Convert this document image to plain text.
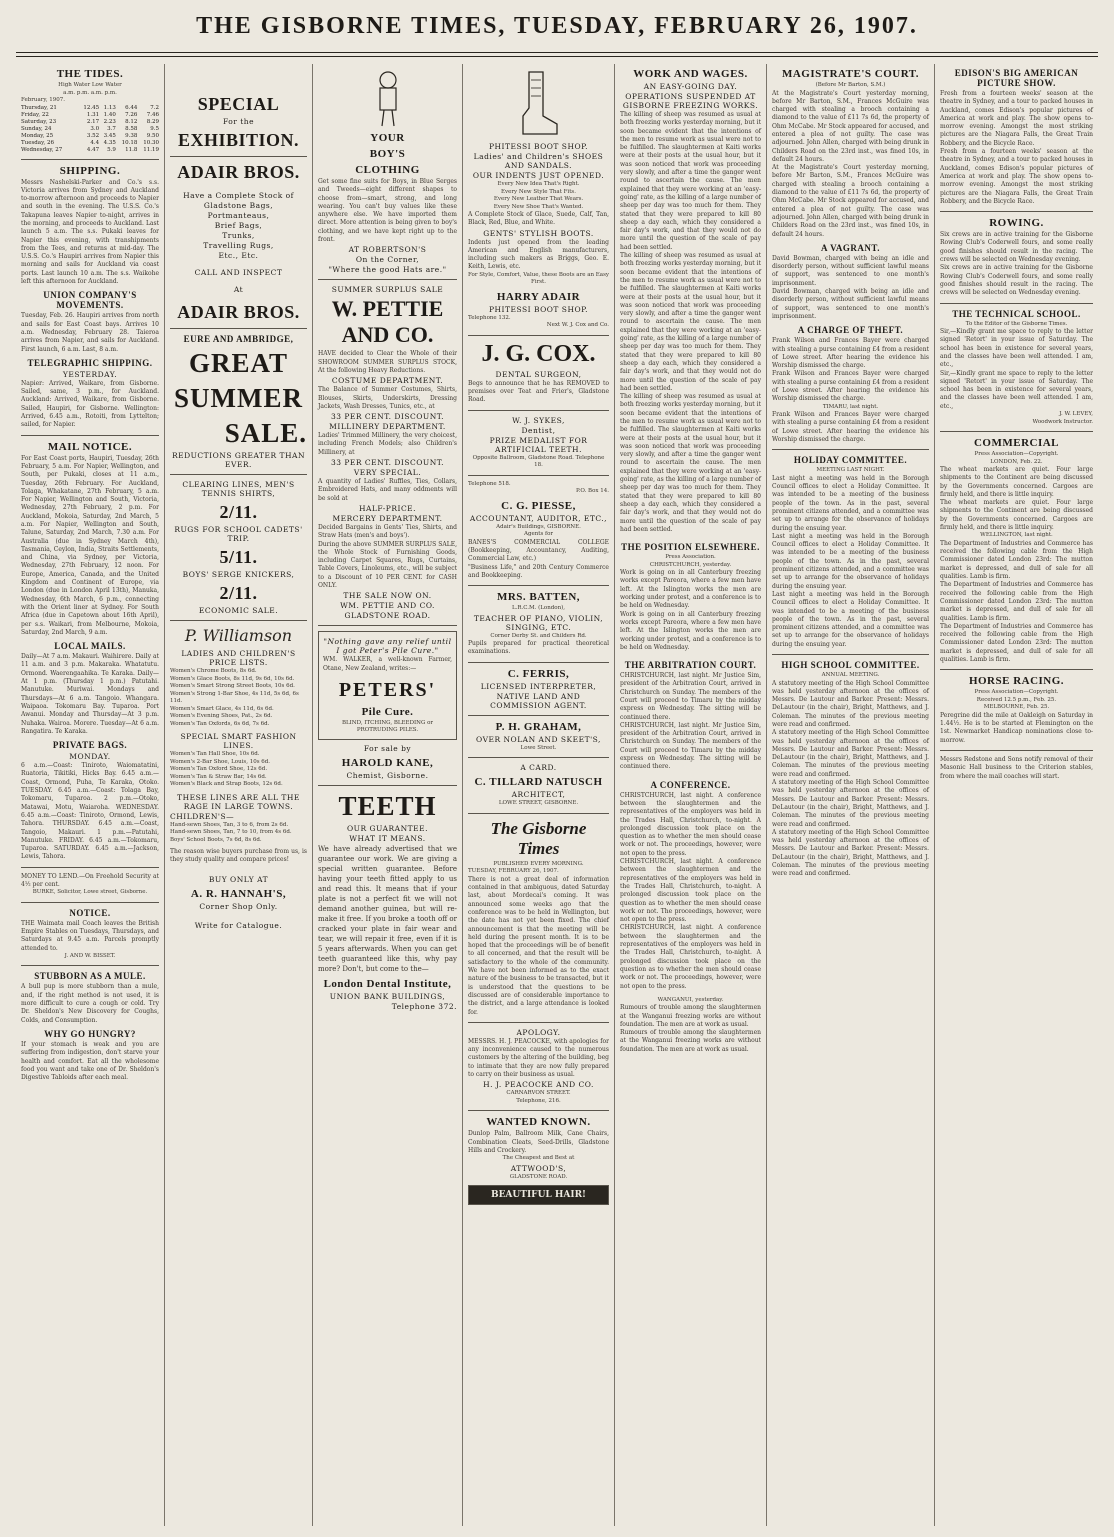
THE GISBORNE TIMES, TUESDAY, FEBRUARY 26, 1907.
THE TIDES.
High Water Low Water
a.m. p.m. a.m. p.m.
February, 1907.
Thursday, 21	12.45	1.13	6.44	7.2
Friday, 22	1.31	1.40	7.26	7.46
Saturday, 23	2.17	2.23	8.12	8.29
Sunday, 24	3.0	3.7	8.58	9.5
Monday, 25	3.52	3.45	9.38	9.50
Tuesday, 26	4.4	4.35	10.18	10.30
Wednesday, 27	4.47	5.9	11.8	11.19
SHIPPING.
Messrs Nashelski-Parker and Co.'s s.s. Victoria arrives from Sydney and Auckland to-morrow afternoon and proceeds to Napier and south in the evening. The U.S.S. Co.'s Takapuna leaves Napier to-night, arrives in the morning, and proceeds to Auckland. Last launch 5 a.m. The s.s. Pukaki leaves for Napier this evening, with transhipments from the Tees, and returns at mid-day. The U.S.S. Co.'s Haupiri arrives from Napier this morning and sails for Auckland via coast ports. Last launch 10 a.m. The s.s. Waikohe left this afternoon for Auckland.
UNION COMPANY'S MOVEMENTS.
Tuesday, Feb. 26. Haupiri arrives from north and sails for East Coast bays. Arrives 10 a.m. Wednesday, February 28. Taieroa arrives from Napier, and sails for Auckland. First launch, 6 a.m. Last, 8 a.m.
TELEGRAPHIC SHIPPING.
YESTERDAY.
Napier: Arrived, Waikare, from Gisborne. Sailed, same, 3 p.m., for Auckland. Auckland: Arrived, Waikare, from Gisborne. Sailed, Haupiri, for Gisborne. Wellington: Arrived, 6.45 a.m., Rotoiti, from Lyttelton; sailed, for Napier.
MAIL NOTICE.
For East Coast ports, Haupiri, Tuesday, 26th February, 5 a.m. For Napier, Wellington, and South, per Pukaki, closes at 11 a.m., Tuesday, 26th February. For Auckland, Tolaga, Whakatane, 27th February, 5 a.m. For Napier, Wellington and South, Victoria, Wednesday, 27th February, 2 p.m. For Auckland, Mokoia, Saturday, 2nd March, 5 a.m. For Napier, Wellington and South, Talune, Saturday, 2nd March, 7.30 a.m. For Australia (due in Sydney March 4th), Tasmania, Ceylon, India, Straits Settlements, and China, via Sydney, per Victoria, Wednesday, 27th February, 12 noon. For Europe, America, Canada, and the United Kingdom and Continent of Europe, via London (due in London April 13th), Manuka, Wednesday, 6th March, 6 p.m., connecting with the Orient liner at Sydney. For South Africa (due in Capetown about 16th April), per s.s. Waikari, from Melbourne, Mokoia, Saturday, 2nd March, 9 a.m.
LOCAL MAILS.
Daily—At 7 a.m. Makauri. Waihirere. Daily at 11 a.m. and 3 p.m. Makaraka. Whatatutu. Ormond. Waerengaahika. Te Karaka. Daily—At 1 p.m. (Thursday 1 p.m.) Patutahi. Manutuke. Muriwai. Mondays and Thursdays—At 6 a.m. Tangoio. Whangara. Waipaoa. Tokomaru Bay. Tuparoa. Port Awanui. Monday and Thursday—At 3 p.m. Nuhaka. Wairoa. Morere. Tuesday—At 6 a.m. Rangatira. Te Karaka.
PRIVATE BAGS.
MONDAY.
6 a.m.—Coast: Tiniroto, Waiomatatini, Ruatoria, Tikitiki, Hicks Bay. 6.45 a.m.—Coast, Ormond, Puha, Te Karaka, Otoko. TUESDAY. 6.45 a.m.—Coast: Tolaga Bay, Tokomaru, Tuparoa. 2 p.m.—Otoko, Matawai, Motu, Waiaroha. WEDNESDAY. 6.45 a.m.—Coast: Tiniroto, Ormond, Lewis, Tahora. THURSDAY. 6.45 a.m.—Coast, Tangoio, Makauri. 1 p.m.—Patutahi, Manutuke. FRIDAY. 6.45 a.m.—Tokomaru, Tuparoa. SATURDAY. 6.45 a.m.—Jackson, Lewis, Tahora.
MONEY TO LEND.—On Freehold Security at 4½ per cent.
BURKE, Solicitor, Lowe street, Gisborne.
NOTICE.
THE Waimata mail Coach leaves the British Empire Stables on Tuesdays, Thursdays, and Saturdays at 9.45 a.m. Parcels promptly attended to.
J. AND W. BISSET.
STUBBORN AS A MULE.
A bull pup is more stubborn than a mule, and, if the right method is not used, it is more difficult to cure a cough or cold. Try Dr. Sheldon's New Discovery for Coughs, Colds, and Consumption.
WHY GO HUNGRY?
If your stomach is weak and you are suffering from indigestion, don't starve your health and comfort. Eat all the wholesome food you want and take one of Dr. Sheldon's Digestive Tabloids after each meal.
SPECIAL
For the
EXHIBITION.
ADAIR BROS.
Have a Complete Stock of
Gladstone Bags,
Portmanteaus,
Brief Bags,
Trunks,
Travelling Rugs,
Etc., Etc.
CALL AND INSPECT
At
ADAIR BROS.
EURE AND AMBRIDGE,
GREAT
SUMMER
SALE.
REDUCTIONS GREATER THAN EVER.
CLEARING LINES, MEN'S TENNIS SHIRTS,
2/11.
RUGS FOR SCHOOL CADETS' TRIP.
5/11.
BOYS' SERGE KNICKERS,
2/11.
ECONOMIC SALE.
P. Williamson
LADIES AND CHILDREN'S PRICE LISTS.
Women's Chrome Boots, 8s 6d.
Women's Glace Boots, 8s 11d, 9s 6d, 10s 6d.
Women's Smart Strong Street Boots, 10s 6d.
Women's Strong 1-Bar Shoe, 4s 11d, 5s 6d, 6s 11d.
Women's Smart Glace, 4s 11d, 6s 6d.
Women's Evening Shoes, Pat., 2s 6d.
Women's Tan Oxfords, 6s 6d, 7s 6d.
SPECIAL SMART FASHION LINES.
Women's Tan Hall Shoe, 10s 6d.
Women's 2-Bar Shoe, Louis, 10s 6d.
Women's Tan Oxford Shoe, 12s 6d.
Women's Tan & Straw Bar, 14s 6d.
Women's Black and Strap Boots, 12s 6d.
THESE LINES ARE ALL THE RAGE IN LARGE TOWNS.
CHILDREN'S—
Hand-sewn Shoes, Tan, 3 to 6, from 2s 6d.
Hand-sewn Shoes, Tan, 7 to 10, from 4s 6d.
Boys' School Boots, 7s 6d, 8s 6d.
The reason wise buyers purchase from us, is they study quality and compare prices!
BUY ONLY AT
A. R. HANNAH'S,
Corner Shop Only.
Write for Catalogue.
YOUR
BOY'S
CLOTHING
Get some fine suits for Boys, in Blue Serges and Tweeds—eight different shapes to choose from—smart, strong, and long wearing. You can't buy values like these anywhere else. We have imported them direct. More attention is being given to boy's clothing, and we have kept right up to the front.
AT ROBERTSON'S
On the Corner,
"Where the good Hats are."
SUMMER SURPLUS SALE
W. PETTIE AND CO.
HAVE decided to Clear the Whole of their SHOWROOM SUMMER SURPLUS STOCK, At the following Heavy Reductions.
COSTUME DEPARTMENT.
The Balance of Summer Costumes, Shirts, Blouses, Skirts, Underskirts, Dressing Jackets, Wash Dresses, Tunics, etc., at
33 PER CENT. DISCOUNT.
MILLINERY DEPARTMENT.
Ladies' Trimmed Millinery, the very choicest, including French Models; also Children's Millinery, at
33 PER CENT. DISCOUNT.
VERY SPECIAL.
A quantity of Ladies' Ruffles, Ties, Collars, Embroidered Hats, and many oddments will be sold at
HALF-PRICE.
MERCERY DEPARTMENT.
Decided Bargains in Gents' Ties, Shirts, and Straw Hats (men's and boys').
During the above SUMMER SURPLUS SALE, the Whole Stock of Furnishing Goods, including Carpet Squares, Rugs, Curtains, Table Covers, Linoleums, etc., will be subject to a Discount of 10 PER CENT. for CASH ONLY.
THE SALE NOW ON.
WM. PETTIE AND CO.
GLADSTONE ROAD.
"Nothing gave any relief until I got Peter's Pile Cure."
WM. WALKER, a well-known Farmer, Otane, New Zealand, writes:—
PETERS'
Pile Cure.
BLIND, ITCHING, BLEEDING or PROTRUDING PILES.
For sale by
HAROLD KANE,
Chemist, Gisborne.
TEETH
OUR GUARANTEE.
WHAT IT MEANS.
We have already advertised that we guarantee our work. We are giving a special written guarantee. Before having your teeth fitted apply to us and read this. It means that if your plate is not a perfect fit we will not demand another guinea, but will re-make it free. If you broke a tooth off or cracked your plate in fair wear and tear, we will repair it free, even if it is 5 years afterwards. When you can get teeth guaranteed like this, why pay more? Don't, but come to the—
London Dental Institute,
UNION BANK BUILDINGS,
Telephone 372.
PHITESSI BOOT SHOP.
Ladies' and Children's SHOES AND SANDALS.
OUR INDENTS JUST OPENED.
Every New Idea That's Right.
Every New Style That Fits.
Every New Leather That Wears.
Every New Shoe That's Wanted.
A Complete Stock of Glace, Suede, Calf, Tan, Black, Red, Blue, and White.
GENTS' STYLISH BOOTS.
Indents just opened from the leading American and English manufacturers, including such makers as Briggs, Geo. E. Keith, Lewis, etc.
For Style, Comfort, Value, these Boots are an Easy First.
HARRY ADAIR
PHITESSI BOOT SHOP.
Telephone 132.
Next W. J. Cox and Co.
J. G. COX.
DENTAL SURGEON,
Begs to announce that he has REMOVED to premises over Teat and Frier's, Gladstone Road.
W. J. SYKES,
Dentist,
PRIZE MEDALIST FOR ARTIFICIAL TEETH.
Opposite Ballroom, Gladstone Road. Telephone 18.
Telephone 518.
P.O. Box 14.
C. G. PIESSE,
ACCOUNTANT, AUDITOR, ETC.,
Adair's Buildings, GISBORNE.
Agents for
BANES'S COMMERCIAL COLLEGE (Bookkeeping, Accountancy, Auditing, Commercial Law, etc.)
"Business Life," and 20th Century Commerce and Bookkeeping.
MRS. BATTEN,
L.R.C.M. (London),
TEACHER OF PIANO, VIOLIN, SINGING, ETC.
Corner Derby St. and Childers Rd.
Pupils prepared for practical theoretical examinations.
C. FERRIS,
LICENSED INTERPRETER,
NATIVE LAND AND COMMISSION AGENT.
P. H. GRAHAM,
OVER NOLAN AND SKEET'S,
Lowe Street.
A CARD.
C. TILLARD NATUSCH
ARCHITECT,
LOWE STREET, GISBORNE.
The Gisborne Times
PUBLISHED EVERY MORNING.
TUESDAY, FEBRUARY 26, 1907.
There is not a great deal of information contained in that ambiguous, dated Saturday last, about Mordecai's coming. It was announced some weeks ago that the conference was to be held in Wellington, but the date has not yet been fixed. The chief announcement is that the meeting will be held during the present month. It is to be hoped that the proceedings will be of benefit to all concerned, and that the result will be satisfactory to the whole of the community. We have not been informed as to the exact nature of the business to be transacted, but it is understood that the questions to be discussed are of considerable importance to the district, and a large attendance is looked for.
APOLOGY.
MESSRS. H. J. PEACOCKE, with apologies for any inconvenience caused to the numerous customers by the altering of the building, beg to intimate that they are now fully prepared to carry on their business as usual.
H. J. PEACOCKE AND CO.
CARNARVON STREET.
Telephone, 216.
WANTED KNOWN.
Dunlop Palm, Ballroom Milk, Cane Chairs, Combination Cleats, Seed-Drills, Gladstone Hills and Crockery.
The Cheapest and Best at
ATTWOOD'S,
GLADSTONE ROAD.
BEAUTIFUL HAIR!
WORK AND WAGES.
AN EASY-GOING DAY.
OPERATIONS SUSPENDED AT GISBORNE FREEZING WORKS.
The killing of sheep was resumed as usual at both freezing works yesterday morning, but it soon became evident that the intentions of the men to resume work as usual were not to be fulfilled. The slaughtermen at Kaiti works were at their posts at the usual hour, but it was soon noticed that work was proceeding very slowly, and after a time the ganger went round to ascertain the cause. The men explained that they were working at an 'easy-going' rate, as the killing of a large number of sheep per day was too much for them. They stated that they were prepared to kill 80 sheep a day each, which they considered a fair day's work, and that they would not do more until the question of the scale of pay had been settled.
The killing of sheep was resumed as usual at both freezing works yesterday morning, but it soon became evident that the intentions of the men to resume work as usual were not to be fulfilled. The slaughtermen at Kaiti works were at their posts at the usual hour, but it was soon noticed that work was proceeding very slowly, and after a time the ganger went round to ascertain the cause. The men explained that they were working at an 'easy-going' rate, as the killing of a large number of sheep per day was too much for them. They stated that they were prepared to kill 80 sheep a day each, which they considered a fair day's work, and that they would not do more until the question of the scale of pay had been settled.
The killing of sheep was resumed as usual at both freezing works yesterday morning, but it soon became evident that the intentions of the men to resume work as usual were not to be fulfilled. The slaughtermen at Kaiti works were at their posts at the usual hour, but it was soon noticed that work was proceeding very slowly, and after a time the ganger went round to ascertain the cause. The men explained that they were working at an 'easy-going' rate, as the killing of a large number of sheep per day was too much for them. They stated that they were prepared to kill 80 sheep a day each, which they considered a fair day's work, and that they would not do more until the question of the scale of pay had been settled.
THE POSITION ELSEWHERE.
Press Association.
CHRISTCHURCH, yesterday.
Work is going on in all Canterbury freezing works except Pareora, where a few men have left. At the Islington works the men are working under protest, and a conference is to be held on Wednesday.
Work is going on in all Canterbury freezing works except Pareora, where a few men have left. At the Islington works the men are working under protest, and a conference is to be held on Wednesday.
THE ARBITRATION COURT.
CHRISTCHURCH, last night. Mr Justice Sim, president of the Arbitration Court, arrived in Christchurch on Sunday. The members of the Court will proceed to Timaru by the midday express on Wednesday. The sitting will be continued there.
CHRISTCHURCH, last night. Mr Justice Sim, president of the Arbitration Court, arrived in Christchurch on Sunday. The members of the Court will proceed to Timaru by the midday express on Wednesday. The sitting will be continued there.
A CONFERENCE.
CHRISTCHURCH, last night. A conference between the slaughtermen and the representatives of the employers was held in the Trades Hall, Christchurch, to-night. A prolonged discussion took place on the question as to whether the men should cease work or not. The proceedings, however, were not open to the press.
CHRISTCHURCH, last night. A conference between the slaughtermen and the representatives of the employers was held in the Trades Hall, Christchurch, to-night. A prolonged discussion took place on the question as to whether the men should cease work or not. The proceedings, however, were not open to the press.
CHRISTCHURCH, last night. A conference between the slaughtermen and the representatives of the employers was held in the Trades Hall, Christchurch, to-night. A prolonged discussion took place on the question as to whether the men should cease work or not. The proceedings, however, were not open to the press.
WANGANUI, yesterday.
Rumours of trouble among the slaughtermen at the Wanganui freezing works are without foundation. The men are at work as usual.
Rumours of trouble among the slaughtermen at the Wanganui freezing works are without foundation. The men are at work as usual.
MAGISTRATE'S COURT.
(Before Mr Barton, S.M.)
At the Magistrate's Court yesterday morning, before Mr Barton, S.M., Frances McGuire was charged with stealing a brooch containing a diamond to the value of £11 7s 6d, the property of Ohm McCabe. Mr Stock appeared for accused, and entered a plea of not guilty. The case was adjourned. John Allen, charged with being drunk in Childers Road on the 23rd inst., was fined 10s, in default 24 hours.
At the Magistrate's Court yesterday morning, before Mr Barton, S.M., Frances McGuire was charged with stealing a brooch containing a diamond to the value of £11 7s 6d, the property of Ohm McCabe. Mr Stock appeared for accused, and entered a plea of not guilty. The case was adjourned. John Allen, charged with being drunk in Childers Road on the 23rd inst., was fined 10s, in default 24 hours.
A VAGRANT.
David Bowman, charged with being an idle and disorderly person, without sufficient lawful means of support, was sentenced to one month's imprisonment.
David Bowman, charged with being an idle and disorderly person, without sufficient lawful means of support, was sentenced to one month's imprisonment.
A CHARGE OF THEFT.
Frank Wilson and Frances Bayer were charged with stealing a purse containing £4 from a resident of Lowe street. After hearing the evidence his Worship dismissed the charge.
Frank Wilson and Frances Bayer were charged with stealing a purse containing £4 from a resident of Lowe street. After hearing the evidence his Worship dismissed the charge.
TIMARU, last night.
Frank Wilson and Frances Bayer were charged with stealing a purse containing £4 from a resident of Lowe street. After hearing the evidence his Worship dismissed the charge.
HOLIDAY COMMITTEE.
MEETING LAST NIGHT.
Last night a meeting was held in the Borough Council offices to elect a Holiday Committee. It was intended to be a meeting of the business people of the town. As in the past, several prominent citizens attended, and a committee was set up to arrange for the observance of holidays during the ensuing year.
Last night a meeting was held in the Borough Council offices to elect a Holiday Committee. It was intended to be a meeting of the business people of the town. As in the past, several prominent citizens attended, and a committee was set up to arrange for the observance of holidays during the ensuing year.
Last night a meeting was held in the Borough Council offices to elect a Holiday Committee. It was intended to be a meeting of the business people of the town. As in the past, several prominent citizens attended, and a committee was set up to arrange for the observance of holidays during the ensuing year.
HIGH SCHOOL COMMITTEE.
ANNUAL MEETING.
A statutory meeting of the High School Committee was held yesterday afternoon at the offices of Messrs. De Lautour and Barker. Present: Messrs. DeLautour (in the chair), Bright, Matthews, and J. Coleman. The minutes of the previous meeting were read and confirmed.
A statutory meeting of the High School Committee was held yesterday afternoon at the offices of Messrs. De Lautour and Barker. Present: Messrs. DeLautour (in the chair), Bright, Matthews, and J. Coleman. The minutes of the previous meeting were read and confirmed.
A statutory meeting of the High School Committee was held yesterday afternoon at the offices of Messrs. De Lautour and Barker. Present: Messrs. DeLautour (in the chair), Bright, Matthews, and J. Coleman. The minutes of the previous meeting were read and confirmed.
A statutory meeting of the High School Committee was held yesterday afternoon at the offices of Messrs. De Lautour and Barker. Present: Messrs. DeLautour (in the chair), Bright, Matthews, and J. Coleman. The minutes of the previous meeting were read and confirmed.
EDISON'S BIG AMERICAN PICTURE SHOW.
Fresh from a fourteen weeks' season at the theatre in Sydney, and a tour to packed houses in Auckland, comes Edison's popular pictures of America at work and play. The show opens to-morrow evening. Amongst the most striking pictures are the Niagara Falls, the Great Train Robbery, and the Bicycle Race.
Fresh from a fourteen weeks' season at the theatre in Sydney, and a tour to packed houses in Auckland, comes Edison's popular pictures of America at work and play. The show opens to-morrow evening. Amongst the most striking pictures are the Niagara Falls, the Great Train Robbery, and the Bicycle Race.
ROWING.
Six crews are in active training for the Gisborne Rowing Club's Coderwell fours, and some really good finishes should result in the racing. The crews will be selected on Wednesday evening.
Six crews are in active training for the Gisborne Rowing Club's Coderwell fours, and some really good finishes should result in the racing. The crews will be selected on Wednesday evening.
THE TECHNICAL SCHOOL.
To the Editor of the Gisborne Times.
Sir,—Kindly grant me space to reply to the letter signed 'Retort' in your issue of Saturday. The school has been in existence for several years, and the classes have been well attended. I am, etc.,
Sir,—Kindly grant me space to reply to the letter signed 'Retort' in your issue of Saturday. The school has been in existence for several years, and the classes have been well attended. I am, etc.,
J. W. LEVEY,
Woodwork Instructor.
COMMERCIAL
Press Association—Copyright.
LONDON, Feb. 22.
The wheat markets are quiet. Four large shipments to the Continent are being discussed by the Governments concerned. Cargoes are firmly held, and there is little inquiry.
The wheat markets are quiet. Four large shipments to the Continent are being discussed by the Governments concerned. Cargoes are firmly held, and there is little inquiry.
WELLINGTON, last night.
The Department of Industries and Commerce has received the following cable from the High Commissioner dated London 23rd: The mutton market is depressed, and dull of sale for all qualities. Lamb is firm.
The Department of Industries and Commerce has received the following cable from the High Commissioner dated London 23rd: The mutton market is depressed, and dull of sale for all qualities. Lamb is firm.
The Department of Industries and Commerce has received the following cable from the High Commissioner dated London 23rd: The mutton market is depressed, and dull of sale for all qualities. Lamb is firm.
HORSE RACING.
Press Association—Copyright.
Received 12.5 p.m., Feb. 25.
MELBOURNE, Feb. 25.
Peregrine did the mile at Oakleigh on Saturday in 1.44½. He is to be started at Flemington on the 1st. Newmarket Handicap nominations close to-morrow.
Messrs Redstone and Sons notify removal of their Masonic Hall business to the Criterion stables, from where the mail coaches will start.
